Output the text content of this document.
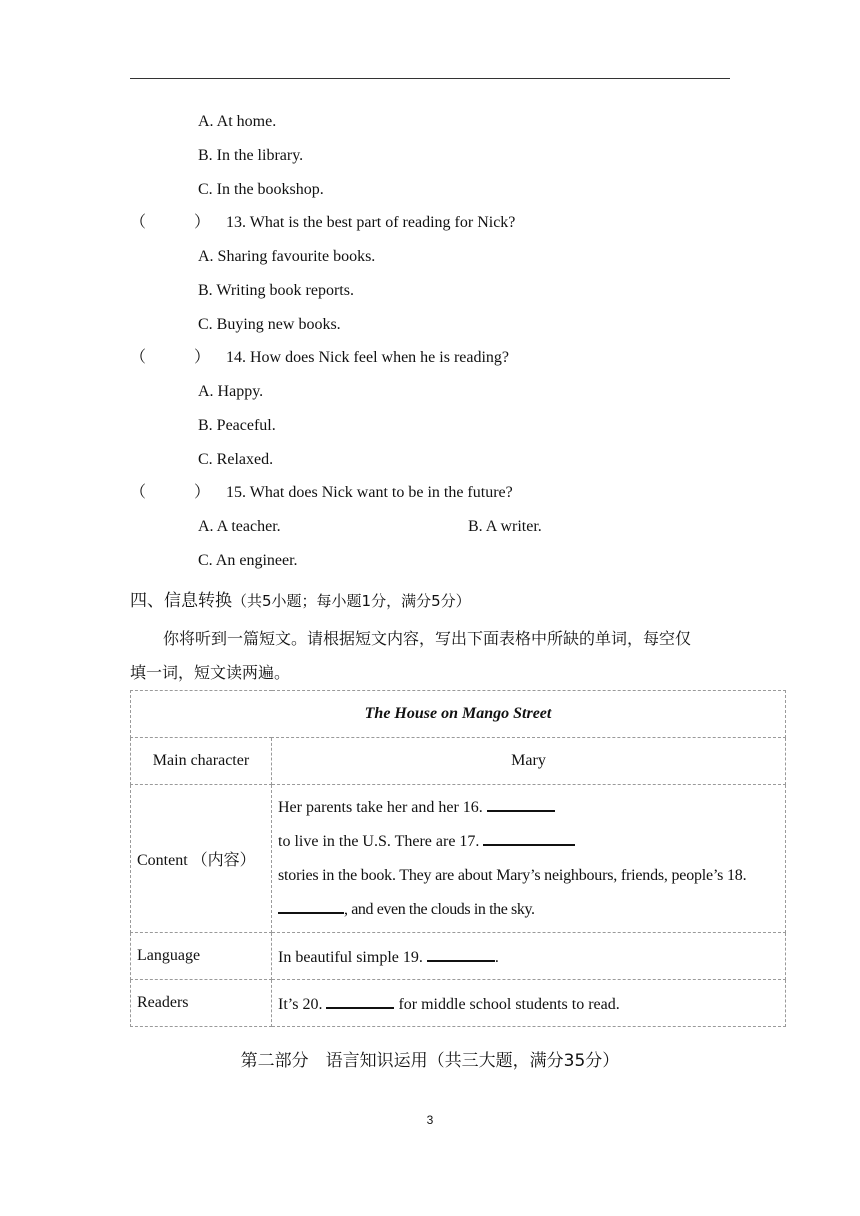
A. At home.
B. In the library.
C. In the bookshop.
（　　　） 13. What is the best part of reading for Nick?
A. Sharing favourite books.
B. Writing book reports.
C. Buying new books.
（　　　） 14. How does Nick feel when he is reading?
A. Happy.
B. Peaceful.
C. Relaxed.
（　　　） 15. What does Nick want to be in the future?
A. A teacher.	B. A writer.
C. An engineer.
四、信息转换（共5小题；每小题1分，满分5分）
你将听到一篇短文。请根据短文内容，写出下面表格中所缺的单词，每空仅
填一词，短文读两遍。
The House on Mango Street	
Main character	Mary
Content （内容）	Her parents take her and her 16.
to live in the U.S. There are 17.
stories in the book. They are about Mary’s neighbours, friends, people’s 18.
, and even the clouds in the sky.

Language	In beautiful simple 19. .
Readers	It’s 20. for middle school students to read.
第二部分　语言知识运用（共三大题，满分35分）
3
